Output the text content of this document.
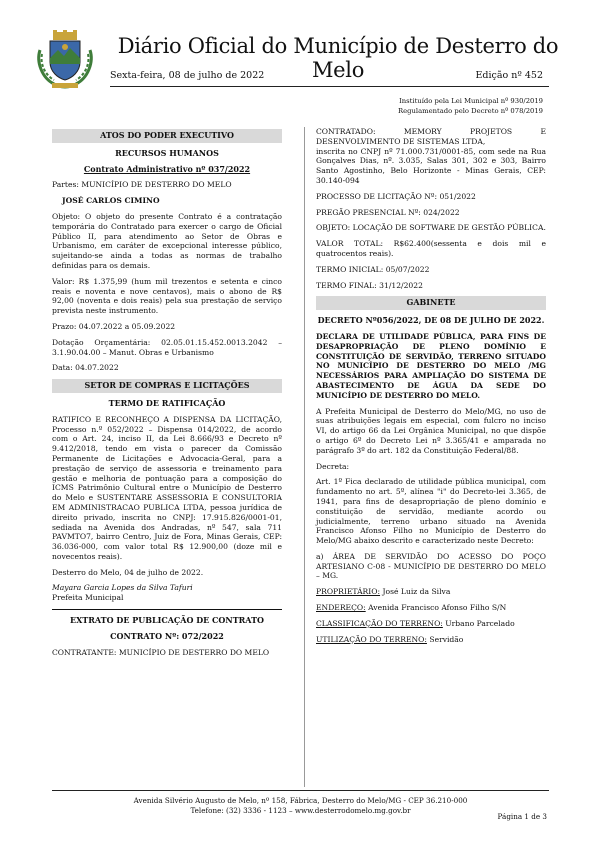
Diário Oficial do Município de Desterro do Melo
Sexta-feira, 08 de julho de 2022	Edição nº 452
Instituído pela Lei Municipal nº 930/2019
Regulamentado pelo Decreto nº 078/2019
ATOS DO PODER EXECUTIVO
RECURSOS HUMANOS
Contrato Administrativo nº 037/2022
Partes: MUNICÍPIO DE DESTERRO DO MELO
JOSÉ CARLOS CIMINO
Objeto: O objeto do presente Contrato é a contratação temporária do Contratado para exercer o cargo de Oficial Público II, para atendimento ao Setor de Obras e Urbanismo, em caráter de excepcional interesse público, sujeitando-se ainda a todas as normas de trabalho definidas para os demais.
Valor: R$ 1.375,99 (hum mil trezentos e setenta e cinco reais e noventa e nove centavos), mais o abono de R$ 92,00 (noventa e dois reais) pela sua prestação de serviço prevista neste instrumento.
Prazo: 04.07.2022 a 05.09.2022
Dotação Orçamentária: 02.05.01.15.452.0013.2042 – 3.1.90.04.00 – Manut. Obras e Urbanismo
Data: 04.07.2022
SETOR DE COMPRAS E LICITAÇÕES
TERMO DE RATIFICAÇÃO
RATIFICO E RECONHEÇO A DISPENSA DA LICITAÇÃO, Processo n.º 052/2022 – Dispensa 014/2022, de acordo com o Art. 24, inciso II, da Lei 8.666/93 e Decreto nº 9.412/2018, tendo em vista o parecer da Comissão Permanente de Licitações e Advocacia-Geral, para a prestação de serviço de assessoria e treinamento para gestão e melhoria de pontuação para a composição do ICMS Patrimônio Cultural entre o Município de Desterro do Melo e SUSTENTARE ASSESSORIA E CONSULTORIA EM ADMINISTRACAO PUBLICA LTDA, pessoa jurídica de direito privado, inscrita no CNPJ: 17.915.826/0001-01, sediada na Avenida dos Andradas, nº 547, sala 711 PAVMTO7, bairro Centro, Juiz de Fora, Minas Gerais, CEP: 36.036-000, com valor total R$ 12.900,00 (doze mil e novecentos reais).
Desterro do Melo, 04 de julho de 2022.
Mayara Garcia Lopes da Silva Tafuri
Prefeita Municipal
EXTRATO DE PUBLICAÇÃO DE CONTRATO
CONTRATO Nº: 072/2022
CONTRATANTE: MUNICÍPIO DE DESTERRO DO MELO
CONTRATADO: MEMORY PROJETOS E DESENVOLVIMENTO DE SISTEMAS LTDA,
inscrita no CNPJ nº 71.000.731/0001-85, com sede na Rua Gonçalves Dias, nº. 3.035, Salas 301, 302 e 303, Bairro Santo Agostinho, Belo Horizonte - Minas Gerais, CEP: 30.140-094
PROCESSO DE LICITAÇÃO Nº: 051/2022
PREGÃO PRESENCIAL Nº: 024/2022
OBJETO: LOCAÇÃO DE SOFTWARE DE GESTÃO PÚBLICA.
VALOR TOTAL: R$62.400(sessenta e dois mil e quatrocentos reais).
TERMO INICIAL: 05/07/2022
TERMO FINAL: 31/12/2022
GABINETE
DECRETO Nº056/2022, DE 08 DE JULHO DE 2022.
DECLARA DE UTILIDADE PÚBLICA, PARA FINS DE DESAPROPRIAÇÃO DE PLENO DOMÍNIO E CONSTITUIÇÃO DE SERVIDÃO, TERRENO SITUADO NO MUNICÍPIO DE DESTERRO DO MELO /MG NECESSÁRIOS PARA AMPLIAÇÃO DO SISTEMA DE ABASTECIMENTO DE ÁGUA DA SEDE DO MUNICÍPIO DE DESTERRO DO MELO.
A Prefeita Municipal de Desterro do Melo/MG, no uso de suas atribuições legais em especial, com fulcro no inciso VI, do artigo 66 da Lei Orgânica Municipal, no que dispõe o artigo 6º do Decreto Lei nº 3.365/41 e amparada no parágrafo 3º do art. 182 da Constituição Federal/88.
Decreta:
Art. 1º Fica declarado de utilidade pública municipal, com fundamento no art. 5º, alínea "i" do Decreto-lei 3.365, de 1941, para fins de desapropriação de pleno domínio e constituição de servidão, mediante acordo ou judicialmente, terreno urbano situado na Avenida Francisco Afonso Filho no Município de Desterro do Melo/MG abaixo descrito e caracterizado neste Decreto:
a) ÁREA DE SERVIDÃO DO ACESSO DO POÇO ARTESIANO C-08 - MUNICÍPIO DE DESTERRO DO MELO – MG.
PROPRIETÁRIO: José Luiz da Silva
ENDEREÇO: Avenida Francisco Afonso Filho S/N
CLASSIFICAÇÃO DO TERRENO: Urbano Parcelado
UTILIZAÇÃO DO TERRENO: Servidão
Avenida Silvério Augusto de Melo, nº 158, Fábrica, Desterro do Melo/MG - CEP 36.210-000
Telefone: (32) 3336 - 1123 – www.desterrodomelo.mg.gov.br
Página 1 de 3
